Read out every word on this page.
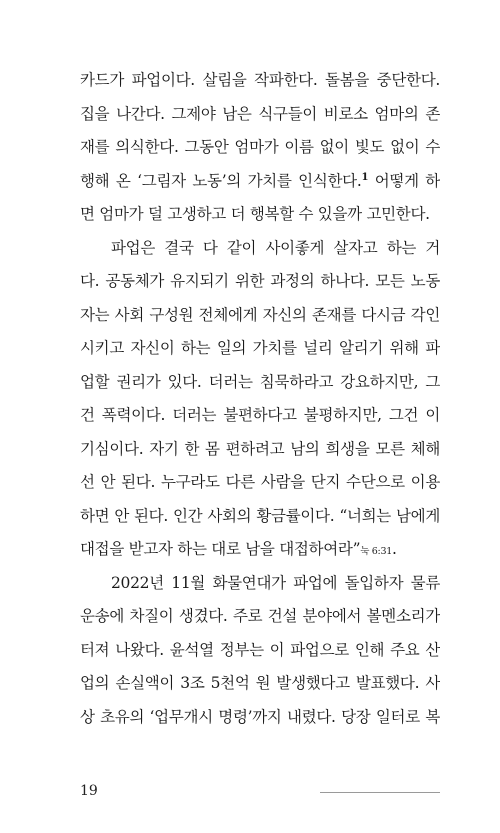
카드가 파업이다. 살림을 작파한다. 돌봄을 중단한다.
집을 나간다. 그제야 남은 식구들이 비로소 엄마의 존
재를 의식한다. 그동안 엄마가 이름 없이 빛도 없이 수
행해 온 ‘그림자 노동’의 가치를 인식한다.$^1$ 어떻게 하
면 엄마가 덜 고생하고 더 행복할 수 있을까 고민한다.
파업은 결국 다 같이 사이좋게 살자고 하는 거
다. 공동체가 유지되기 위한 과정의 하나다. 모든 노동
자는 사회 구성원 전체에게 자신의 존재를 다시금 각인
시키고 자신이 하는 일의 가치를 널리 알리기 위해 파
업할 권리가 있다. 더러는 침묵하라고 강요하지만, 그
건 폭력이다. 더러는 불편하다고 불평하지만, 그건 이
기심이다. 자기 한 몸 편하려고 남의 희생을 모른 체해
선 안 된다. 누구라도 다른 사람을 단지 수단으로 이용
하면 안 된다. 인간 사회의 황금률이다. “너희는 남에게
대접을 받고자 하는 대로 남을 대접하여라”눅 6:31.
2022년 11월 화물연대가 파업에 돌입하자 물류
운송에 차질이 생겼다. 주로 건설 분야에서 볼멘소리가
터져 나왔다. 윤석열 정부는 이 파업으로 인해 주요 산
업의 손실액이 3조 5천억 원 발생했다고 발표했다. 사
상 초유의 ‘업무개시 명령’까지 내렸다. 당장 일터로 복
19
